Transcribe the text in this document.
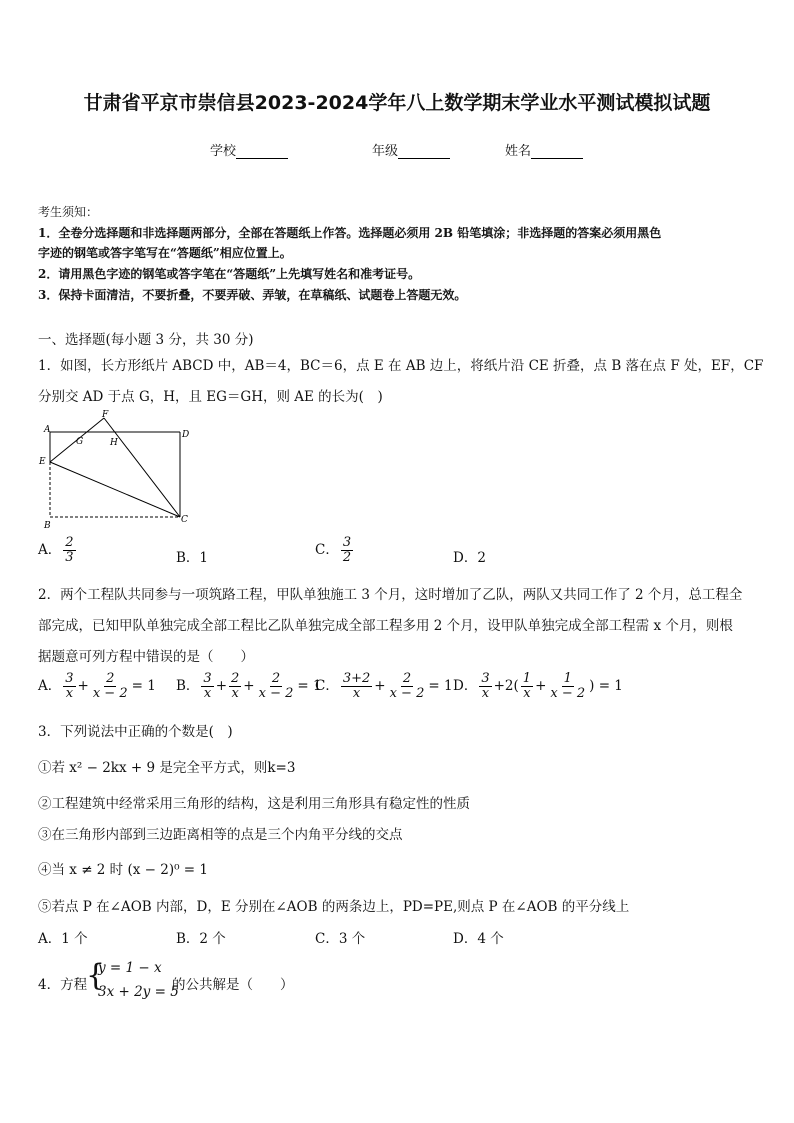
甘肃省平京市崇信县2023-2024学年八上数学期末学业水平测试模拟试题
学校	年级	姓名
考生须知：
1．全卷分选择题和非选择题两部分，全部在答题纸上作答。选择题必须用 2B 铅笔填涂；非选择题的答案必须用黑色
字迹的钢笔或答字笔写在“答题纸”相应位置上。
2．请用黑色字迹的钢笔或答字笔在“答题纸”上先填写姓名和准考证号。
3．保持卡面清洁，不要折叠，不要弄破、弄皱，在草稿纸、试题卷上答题无效。
一、选择题(每小题 3 分，共 30 分)
1．如图，长方形纸片 ABCD 中，AB＝4，BC＝6，点 E 在 AB 边上，将纸片沿 CE 折叠，点 B 落在点 F 处，EF，CF
分别交 AD 于点 G，H，且 EG＝GH，则 AE 的长为(　)
A	D
E
F
G	H
B
C
A． $\frac{2}{3}$	B．1	C． $\frac{3}{2}$	D．2
2．两个工程队共同参与一项筑路工程，甲队单独施工 3 个月，这时增加了乙队，两队又共同工作了 2 个月，总工程全
部完成，已知甲队单独完成全部工程比乙队单独完成全部工程多用 2 个月，设甲队单独完成全部工程需 x 个月，则根
据题意可列方程中错误的是（　　）
A． $\frac{3}{x} + \frac{2}{x - 2} = 1$ B． $\frac{3}{x} + \frac{2}{x} + \frac{2}{x - 2} = 1$
C． $\frac{3+2}{x} + \frac{2}{x - 2} = 1$ D． $\frac{3}{x} +2( \frac{1}{x} + \frac{1}{x - 2}$ ) = 1
3．下列说法中正确的个数是(　)
①若 x² − 2kx + 9 是完全平方式，则k=3
②工程建筑中经常采用三角形的结构，这是利用三角形具有稳定性的性质
③在三角形内部到三边距离相等的点是三个内角平分线的交点
④当 x ≠ 2 时 (x − 2)⁰ = 1
⑤若点 P 在∠AOB 内部，D，E 分别在∠AOB 的两条边上，PD=PE,则点 P 在∠AOB 的平分线上
A．1 个	B．2 个	C．3 个	D．4 个
4．方程
{
y = 1 − x
3x + 2y = 5
的公共解是（　　）
